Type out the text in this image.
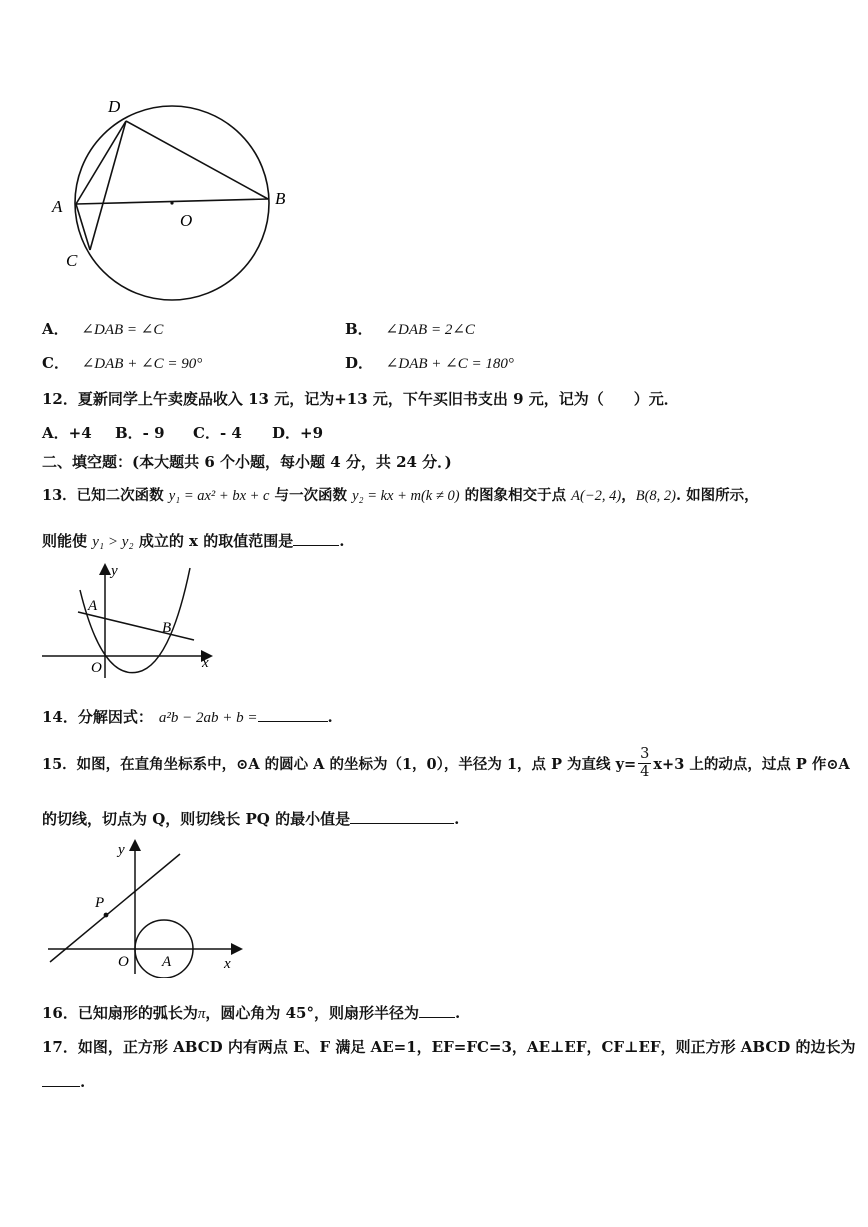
D
A	B
O
C
A． ∠DAB = ∠C	B． ∠DAB = 2∠C
C． ∠DAB + ∠C = 90°	D． ∠DAB + ∠C = 180°
12．夏新同学上午卖废品收入 13 元，记为+13 元，下午买旧书支出 9 元，记为（　　）元．
A．+4 B．- 9 C．- 4 D．+9
二、填空题：(本大题共 6 个小题，每小题 4 分，共 24 分．)
13．已知二次函数 y₁ = ax² + bx + c 与一次函数 y₂ = kx + m(k ≠ 0) 的图象相交于点 A(−2, 4)，B(8, 2). 如图所示，
则能使 y₁ > y₂ 成立的 x 的取值范围是	.
y
A
B
O	x
14．分解因式： a²b − 2ab + b =	.
15．如图，在直角坐标系中，⊙A 的圆心 A 的坐标为（1，0），半径为 1，点 P 为直线 $y= \frac{3}{4} x+3$ 上的动点，过点 P 作⊙A
的切线，切点为 Q，则切线长 PQ 的最小值是	.
y
P
O A	x
16．已知扇形的弧长为π，圆心角为 45°，则扇形半径为 .
17．如图，正方形 ABCD 内有两点 E、F 满足 AE=1，EF=FC=3，AE⊥EF，CF⊥EF，则正方形 ABCD 的边长为
.
